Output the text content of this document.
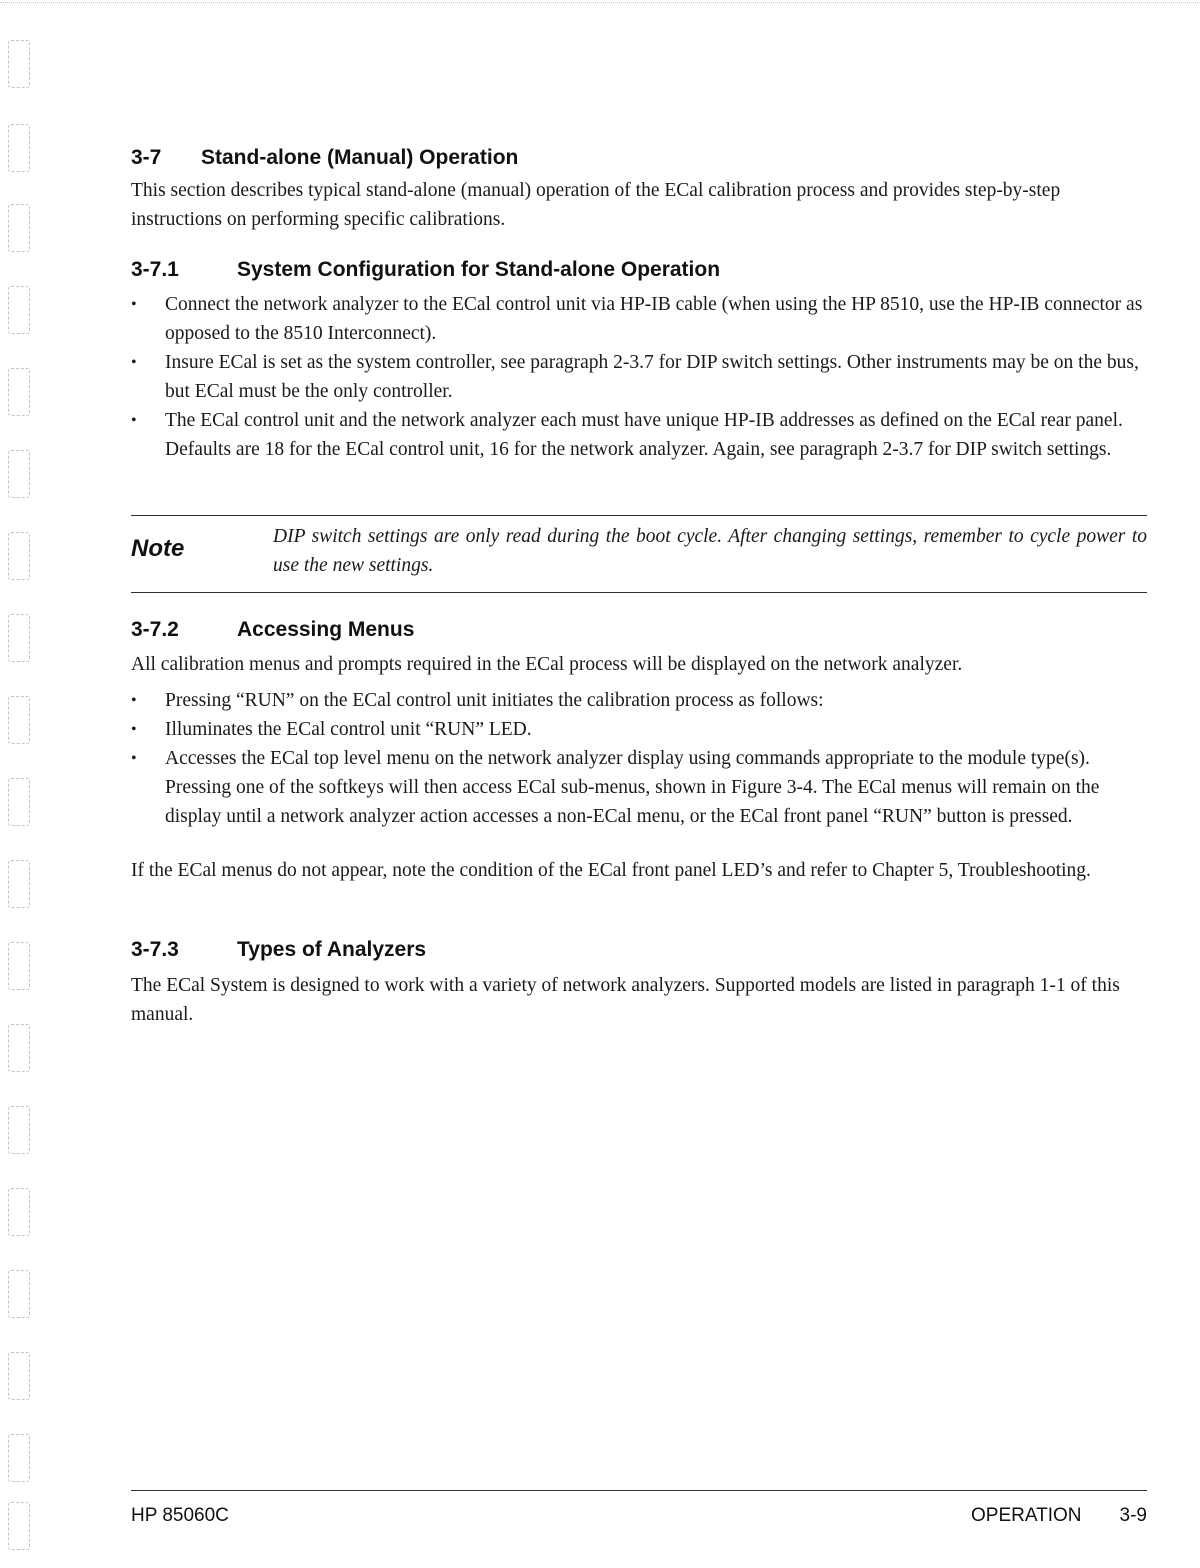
3-7 Stand-alone (Manual) Operation

This section describes typical stand-alone (manual) operation of the ECal calibration process and provides step-by-step instructions on performing specific calibrations.

3-7.1	System Configuration for Stand-alone Operation
• Connect the network analyzer to the ECal control unit via HP-IB cable (when using the HP 8510, use the HP-IB connector as opposed to the 8510 Interconnect).
• Insure ECal is set as the system controller, see paragraph 2-3.7 for DIP switch settings. Other instruments may be on the bus, but ECal must be the only controller.
• The ECal control unit and the network analyzer each must have unique HP-IB addresses as defined on the ECal rear panel. Defaults are 18 for the ECal control unit, 16 for the network analyzer. Again, see paragraph 2-3.7 for DIP switch settings.
Note	DIP switch settings are only read during the boot cycle. After changing settings, remember to cycle power to use the new settings.

3-7.2	Accessing Menus

All calibration menus and prompts required in the ECal process will be displayed on the network analyzer.

• Pressing “RUN” on the ECal control unit initiates the calibration process as follows:
• Illuminates the ECal control unit “RUN” LED.
• Accesses the ECal top level menu on the network analyzer display using commands appropriate to the module type(s). Pressing one of the softkeys will then access ECal sub-menus, shown in Figure 3-4. The ECal menus will remain on the display until a network analyzer action accesses a non-ECal menu, or the ECal front panel “RUN” button is pressed.

If the ECal menus do not appear, note the condition of the ECal front panel LED’s and refer to Chapter 5, Troubleshooting.

3-7.3	Types of Analyzers

The ECal System is designed to work with a variety of network analyzers. Supported models are listed in paragraph 1-1 of this manual.

HP 85060C	OPERATION 3-9
